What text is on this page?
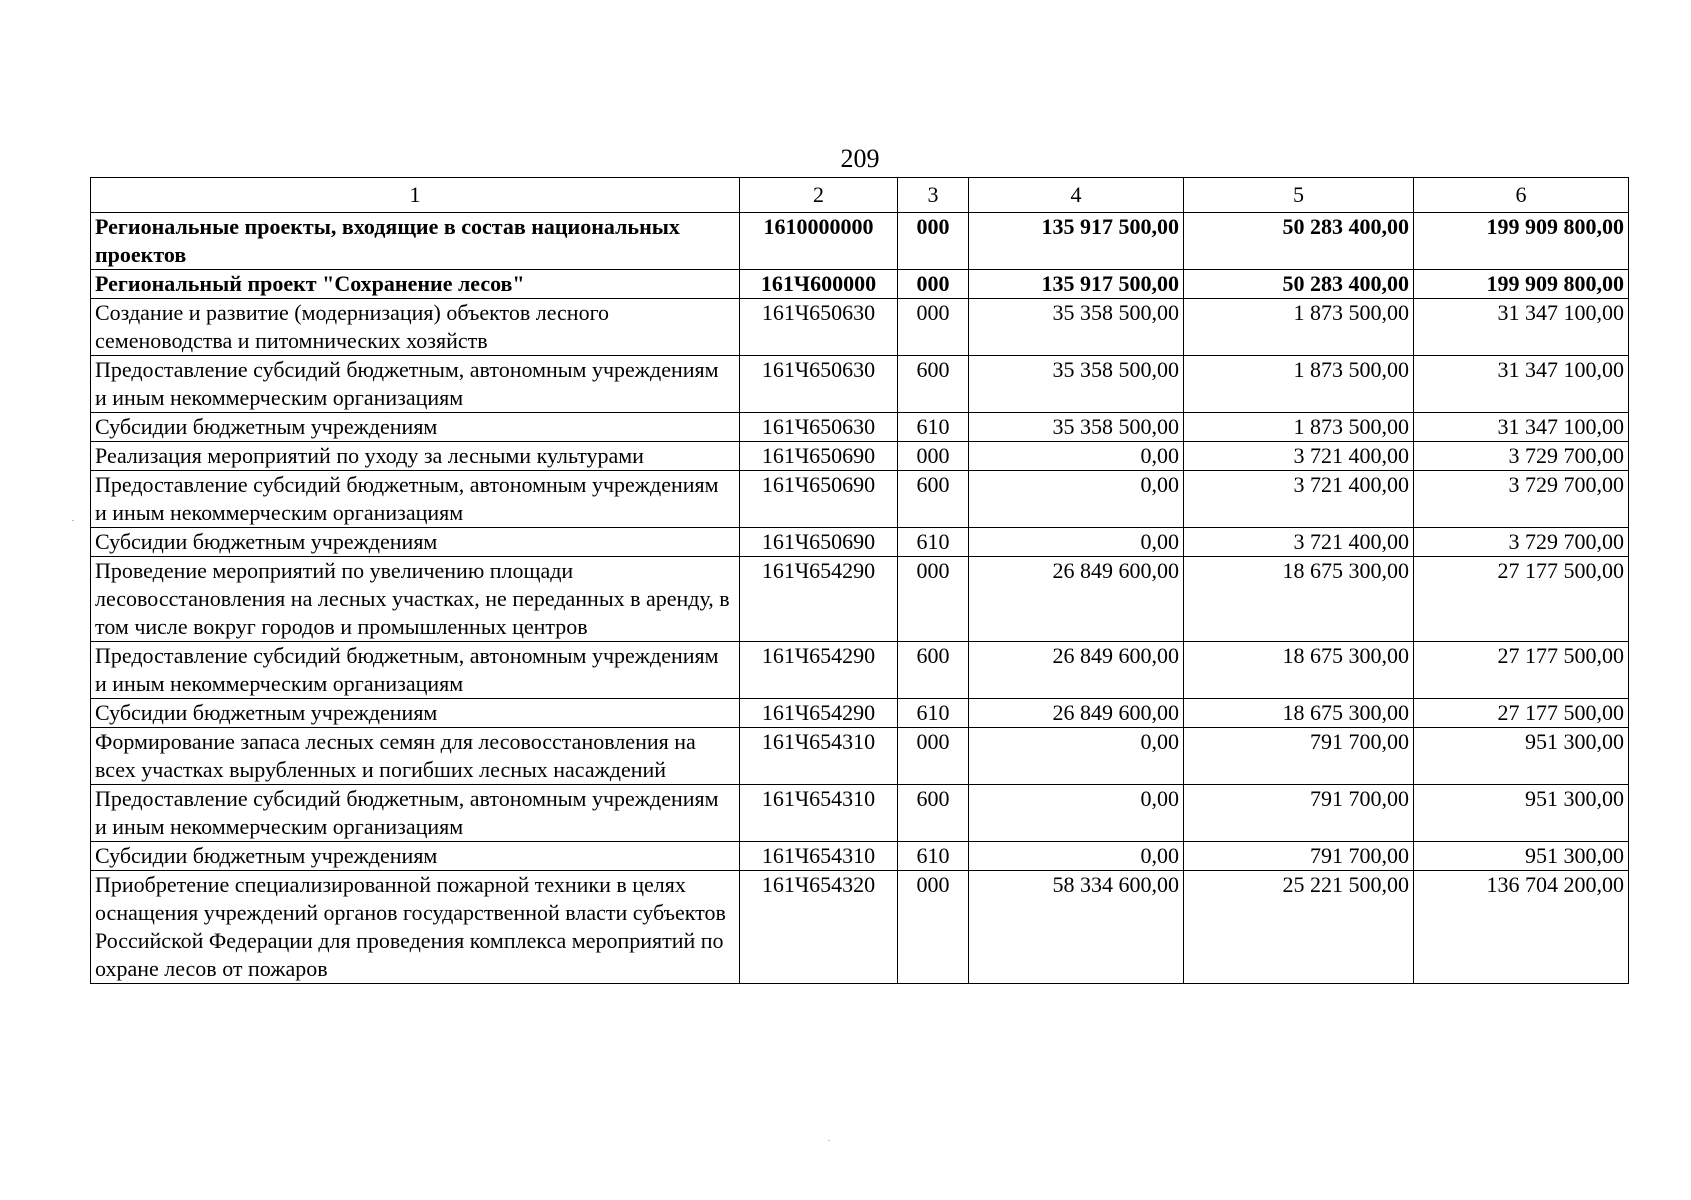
209
1	2	3	4	5	6
Региональные проекты, входящие в состав национальных проектов	1610000000	000	135 917 500,00	50 283 400,00	199 909 800,00
Региональный проект "Сохранение лесов"	161Ч600000	000	135 917 500,00	50 283 400,00	199 909 800,00
Создание и развитие (модернизация) объектов лесного семеноводства и питомнических хозяйств	161Ч650630	000	35 358 500,00	1 873 500,00	31 347 100,00
Предоставление субсидий бюджетным, автономным учреждениям и иным некоммерческим организациям	161Ч650630	600	35 358 500,00	1 873 500,00	31 347 100,00
Субсидии бюджетным учреждениям	161Ч650630	610	35 358 500,00	1 873 500,00	31 347 100,00
Реализация мероприятий по уходу за лесными культурами	161Ч650690	000	0,00	3 721 400,00	3 729 700,00
Предоставление субсидий бюджетным, автономным учреждениям и иным некоммерческим организациям	161Ч650690	600	0,00	3 721 400,00	3 729 700,00
Субсидии бюджетным учреждениям	161Ч650690	610	0,00	3 721 400,00	3 729 700,00
Проведение мероприятий по увеличению площади лесовосстановления на лесных участках, не переданных в аренду, в том числе вокруг городов и промышленных центров	161Ч654290	000	26 849 600,00	18 675 300,00	27 177 500,00
Предоставление субсидий бюджетным, автономным учреждениям и иным некоммерческим организациям	161Ч654290	600	26 849 600,00	18 675 300,00	27 177 500,00
Субсидии бюджетным учреждениям	161Ч654290	610	26 849 600,00	18 675 300,00	27 177 500,00
Формирование запаса лесных семян для лесовосстановления на всех участках вырубленных и погибших лесных насаждений	161Ч654310	000	0,00	791 700,00	951 300,00
Предоставление субсидий бюджетным, автономным учреждениям и иным некоммерческим организациям	161Ч654310	600	0,00	791 700,00	951 300,00
Субсидии бюджетным учреждениям	161Ч654310	610	0,00	791 700,00	951 300,00
Приобретение специализированной пожарной техники в целях оснащения учреждений органов государственной власти субъектов Российской Федерации для проведения комплекса мероприятий по охране лесов от пожаров	161Ч654320	000	58 334 600,00	25 221 500,00	136 704 200,00
